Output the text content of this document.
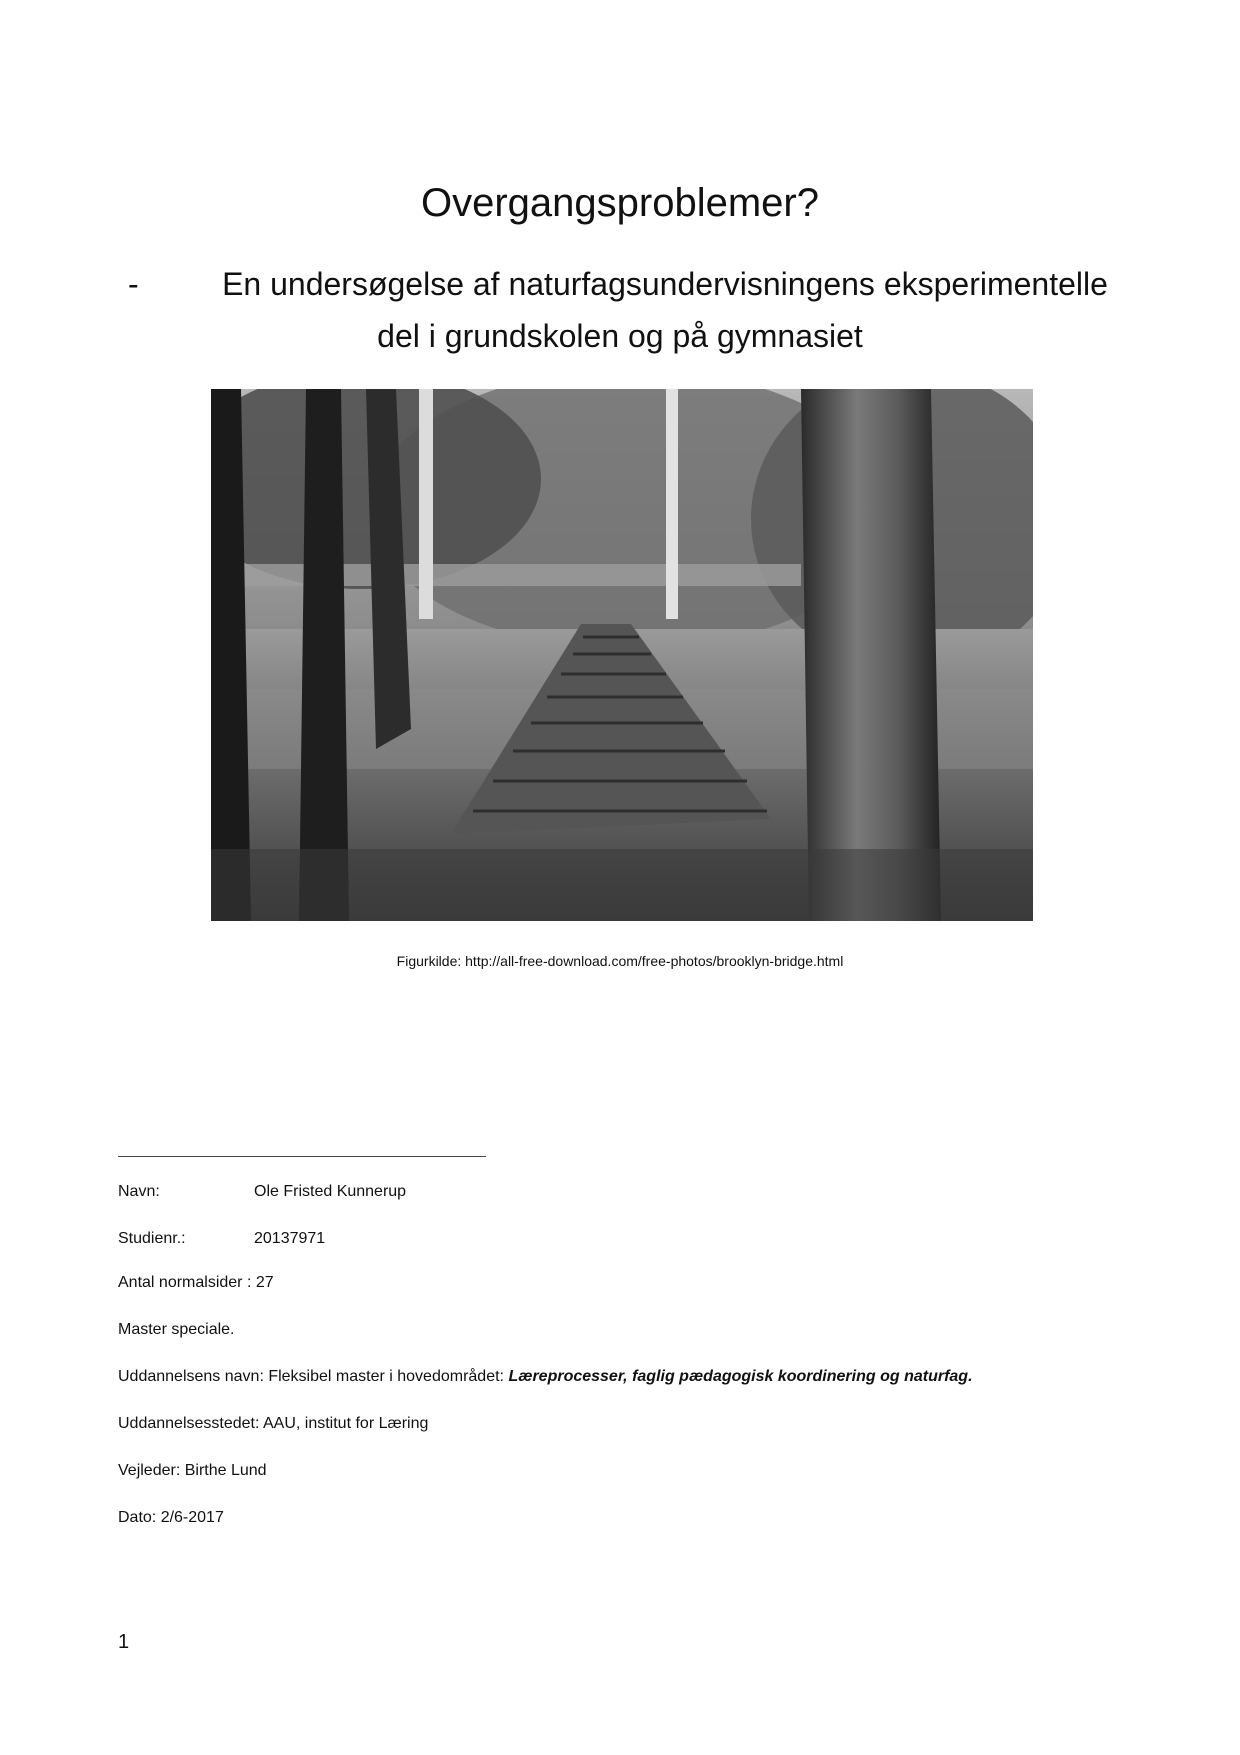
Overgangsproblemer?
-	En undersøgelse af naturfagsundervisningens eksperimentelle
del i grundskolen og på gymnasiet
Figurkilde: http://all-free-download.com/free-photos/brooklyn-bridge.html
Navn:	Ole Fristed Kunnerup
Studienr.:	20137971
Antal normalsider : 27
Master speciale.
Uddannelsens navn: Fleksibel master i hovedområdet: Læreprocesser, faglig pædagogisk koordinering og naturfag.
Uddannelsesstedet: AAU, institut for Læring
Vejleder: Birthe Lund
Dato: 2/6-2017
1
